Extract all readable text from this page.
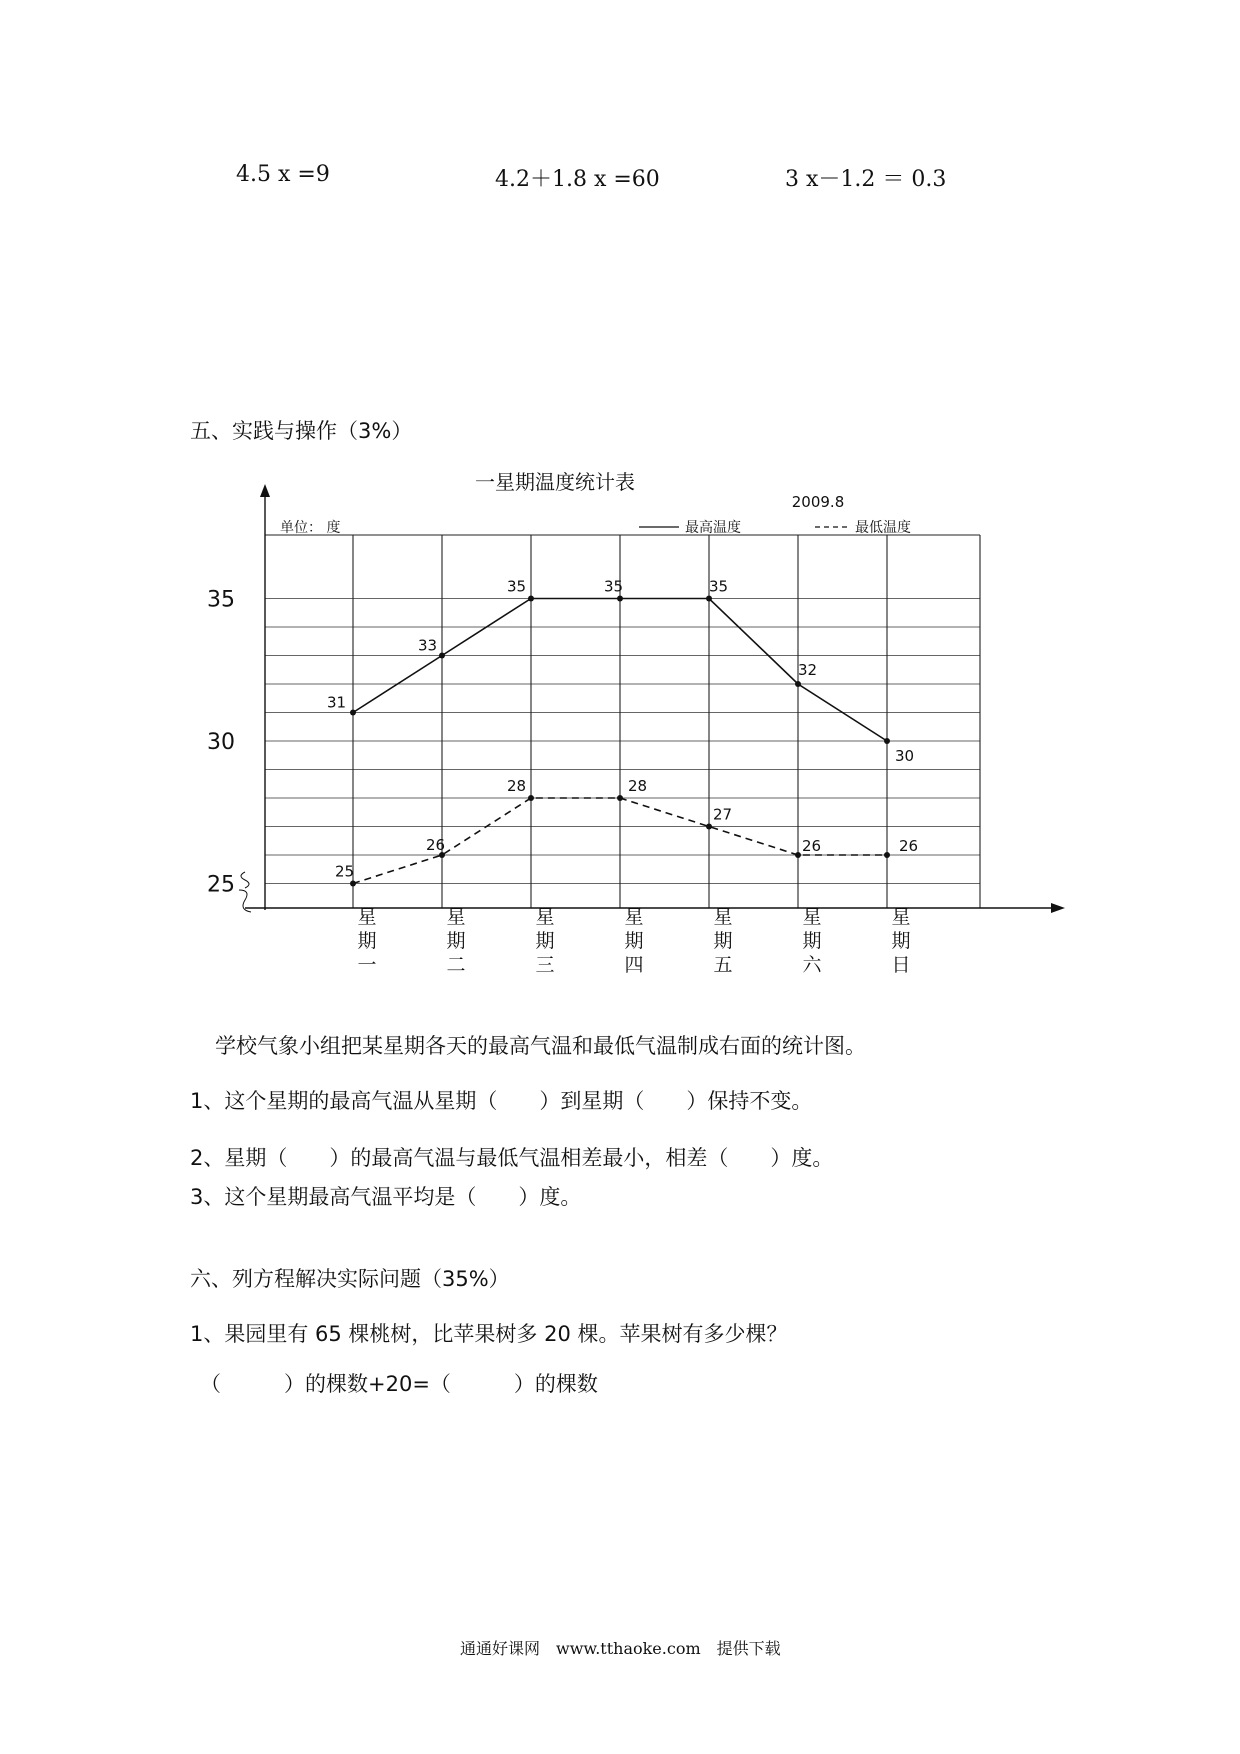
4.5 x =9	4.2＋1.8 x =60	3 x－1.2 ＝ 0.3
五、实践与操作（3%）
一星期温度统计表
2009.8
单位： 度	最高温度	最低温度
25
30
35
31
33
35	35	35
32
30
25
26
28	28
27
26	26
星
期
一
星
期
二
星
期
三
星
期
四
星
期
五
星
期
六
星
期
日
学校气象小组把某星期各天的最高气温和最低气温制成右面的统计图。
1、这个星期的最高气温从星期（　　）到星期（　　）保持不变。
2、星期（　　）的最高气温与最低气温相差最小，相差（　　）度。
3、这个星期最高气温平均是（　　）度。
六、列方程解决实际问题（35%）
1、果园里有 65 棵桃树，比苹果树多 20 棵。苹果树有多少棵？
（　　　）的棵数+20=（　　　）的棵数
通通好课网　www.tthaoke.com　提供下载
